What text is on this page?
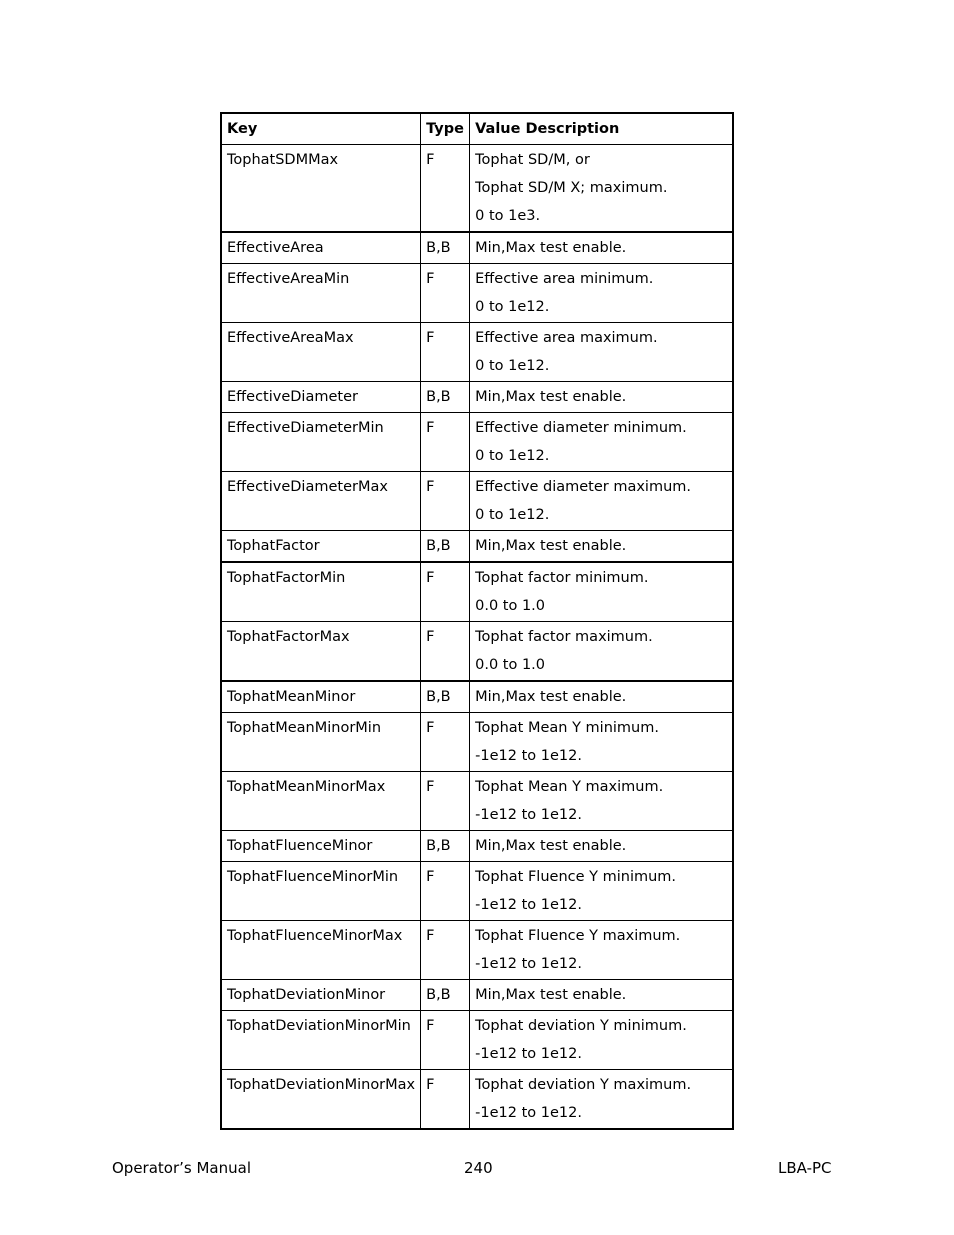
Key	Type	Value Description
TophatSDMMax	F	Tophat SD/M, or
Tophat SD/M X; maximum.
0 to 1e3.

EffectiveArea	B,B	Min,Max test enable.

EffectiveAreaMin	F	Effective area minimum.
0 to 1e12.

EffectiveAreaMax	F	Effective area maximum.
0 to 1e12.

EffectiveDiameter	B,B	Min,Max test enable.

EffectiveDiameterMin	F	Effective diameter minimum.
0 to 1e12.

EffectiveDiameterMax	F	Effective diameter maximum.
0 to 1e12.

TophatFactor	B,B	Min,Max test enable.

TophatFactorMin	F	Tophat factor minimum.
0.0 to 1.0

TophatFactorMax	F	Tophat factor maximum.
0.0 to 1.0

TophatMeanMinor	B,B	Min,Max test enable.

TophatMeanMinorMin	F	Tophat Mean Y minimum.
-1e12 to 1e12.

TophatMeanMinorMax	F	Tophat Mean Y maximum.
-1e12 to 1e12.

TophatFluenceMinor	B,B	Min,Max test enable.

TophatFluenceMinorMin	F	Tophat Fluence Y minimum.
-1e12 to 1e12.

TophatFluenceMinorMax	F	Tophat Fluence Y maximum.
-1e12 to 1e12.

TophatDeviationMinor	B,B	Min,Max test enable.

TophatDeviationMinorMin	F	Tophat deviation Y minimum.
-1e12 to 1e12.

TophatDeviationMinorMax	F	Tophat deviation Y maximum.
-1e12 to 1e12.
Operator’s Manual	240	LBA-PC
